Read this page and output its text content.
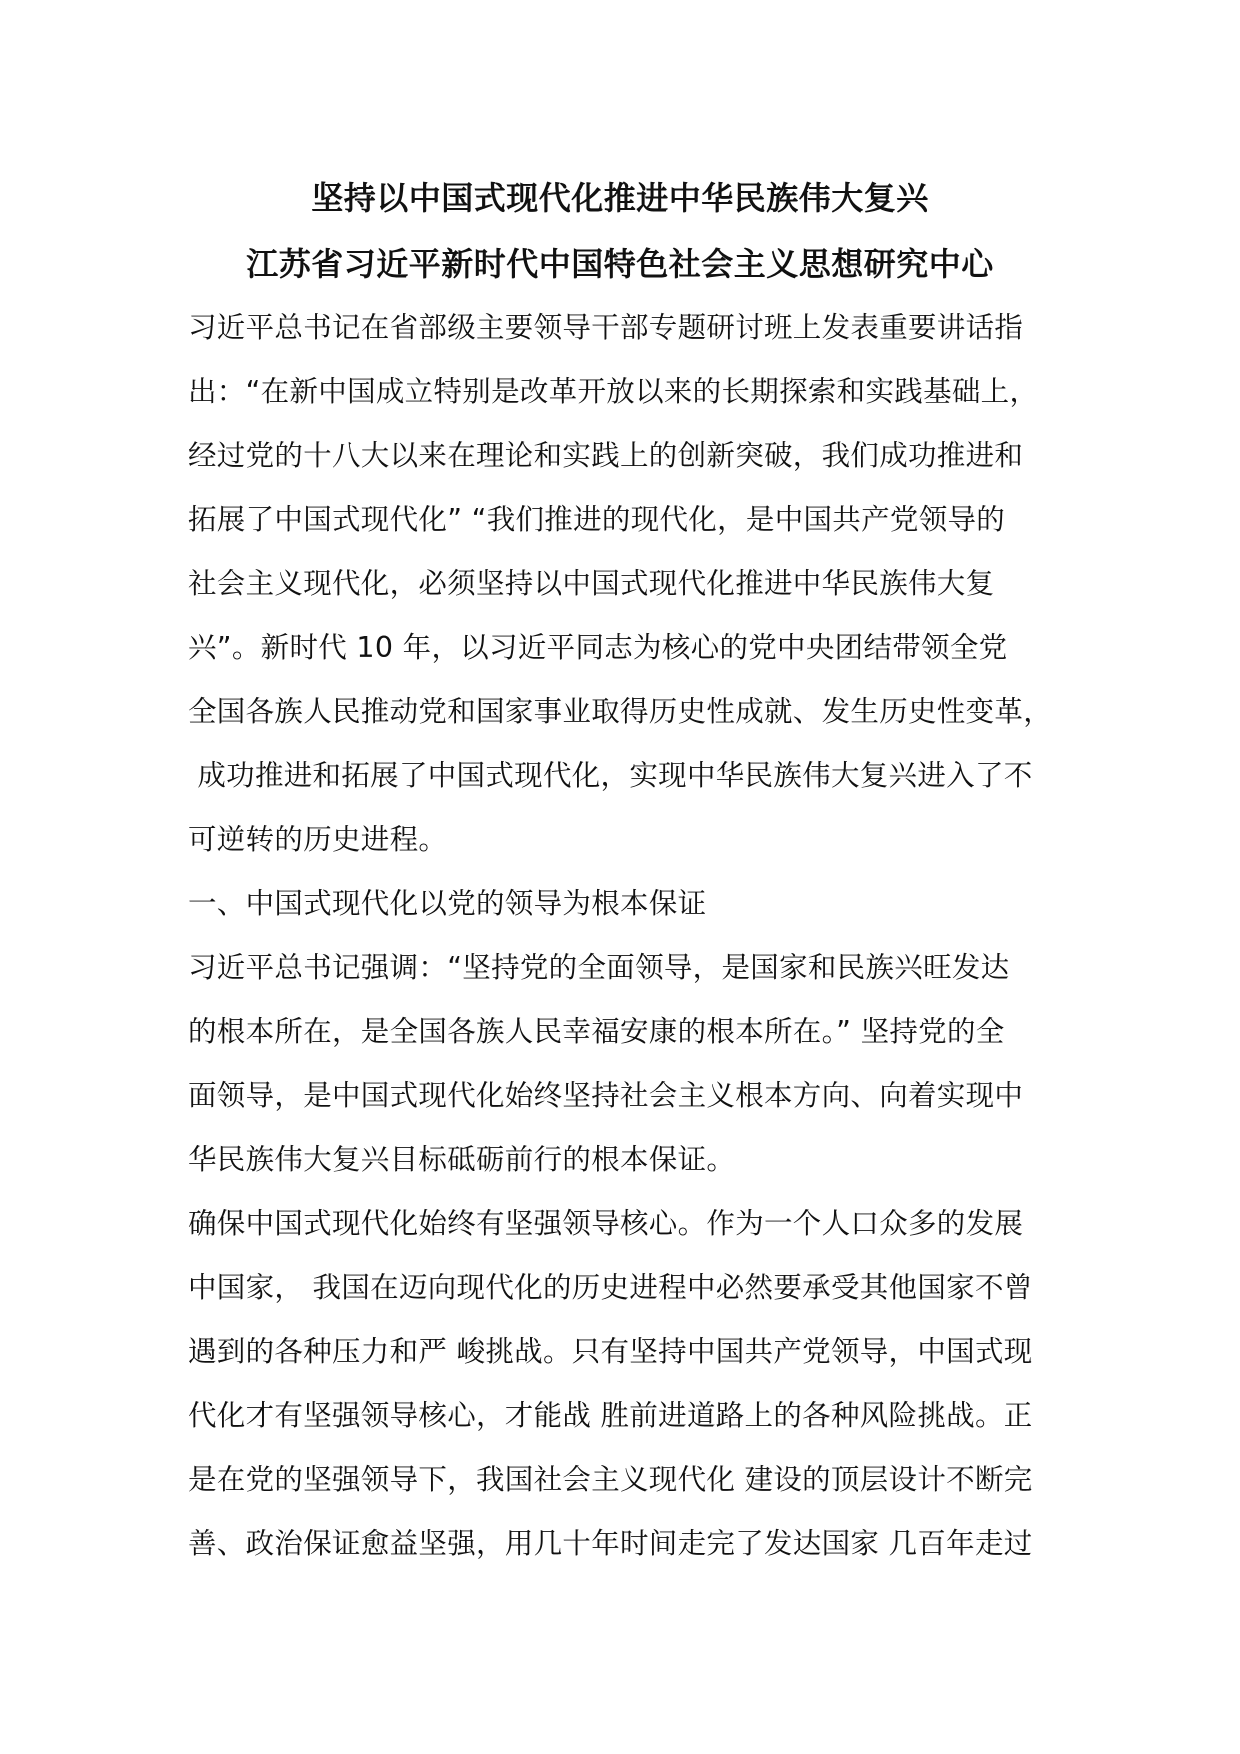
坚持以中国式现代化推进中华民族伟大复兴
江苏省习近平新时代中国特色社会主义思想研究中心
习近平总书记在省部级主要领导干部专题研讨班上发表重要讲话指
出：“在新中国成立特别是改革开放以来的长期探索和实践基础上，
经过党的十八大以来在理论和实践上的创新突破，我们成功推进和
拓展了中国式现代化” “我们推进的现代化，是中国共产党领导的
社会主义现代化，必须坚持以中国式现代化推进中华民族伟大复
兴”。新时代 10 年，以习近平同志为核心的党中央团结带领全党
全国各族人民推动党和国家事业取得历史性成就、发生历史性变革，
成功推进和拓展了中国式现代化，实现中华民族伟大复兴进入了不
可逆转的历史进程。
一、中国式现代化以党的领导为根本保证
习近平总书记强调：“坚持党的全面领导，是国家和民族兴旺发达
的根本所在，是全国各族人民幸福安康的根本所在。” 坚持党的全
面领导，是中国式现代化始终坚持社会主义根本方向、向着实现中
华民族伟大复兴目标砥砺前行的根本保证。
确保中国式现代化始终有坚强领导核心。作为一个人口众多的发展
中国家， 我国在迈向现代化的历史进程中必然要承受其他国家不曾
遇到的各种压力和严 峻挑战。只有坚持中国共产党领导，中国式现
代化才有坚强领导核心，才能战 胜前进道路上的各种风险挑战。正
是在党的坚强领导下，我国社会主义现代化 建设的顶层设计不断完
善、政治保证愈益坚强，用几十年时间走完了发达国家 几百年走过
